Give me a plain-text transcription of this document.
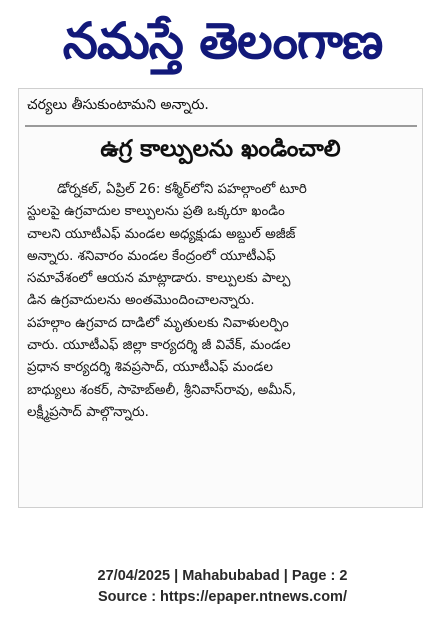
నమస్తే తెలంగాణ
చర్యలు తీసుకుంటామని అన్నారు.
ఉగ్ర కాల్పులను ఖండించాలి
డోర్నకల్, ఏప్రిల్ 26: కశ్మీర్‌లోని పహల్గాంలో టూరి
స్టులపై ఉగ్రవాదుల కాల్పులను ప్రతి ఒక్కరూ ఖండిం
చాలని యూటీఎఫ్ మండల అధ్యక్షుడు అబ్దుల్ అజీజ్
అన్నారు. శనివారం మండల కేంద్రంలో యూటీఎఫ్
సమావేశంలో ఆయన మాట్లాడారు. కాల్పులకు పాల్ప
డిన ఉగ్రవాదులను అంతమొందించాలన్నారు.
పహల్గాం ఉగ్రవాద దాడిలో మృతులకు నివాళులర్పిం
చారు. యూటీఎఫ్ జిల్లా కార్యదర్శి జీ వివేక్, మండల
ప్రధాన కార్యదర్శి శివప్రసాద్, యూటీఎఫ్ మండల
బాధ్యులు శంకర్, సాహెబ్‌అలీ, శ్రీనివాస్‌రావు, అమీన్,
లక్ష్మీప్రసాద్ పాల్గొన్నారు.
27/04/2025 | Mahabubabad | Page : 2
Source : https://epaper.ntnews.com/
